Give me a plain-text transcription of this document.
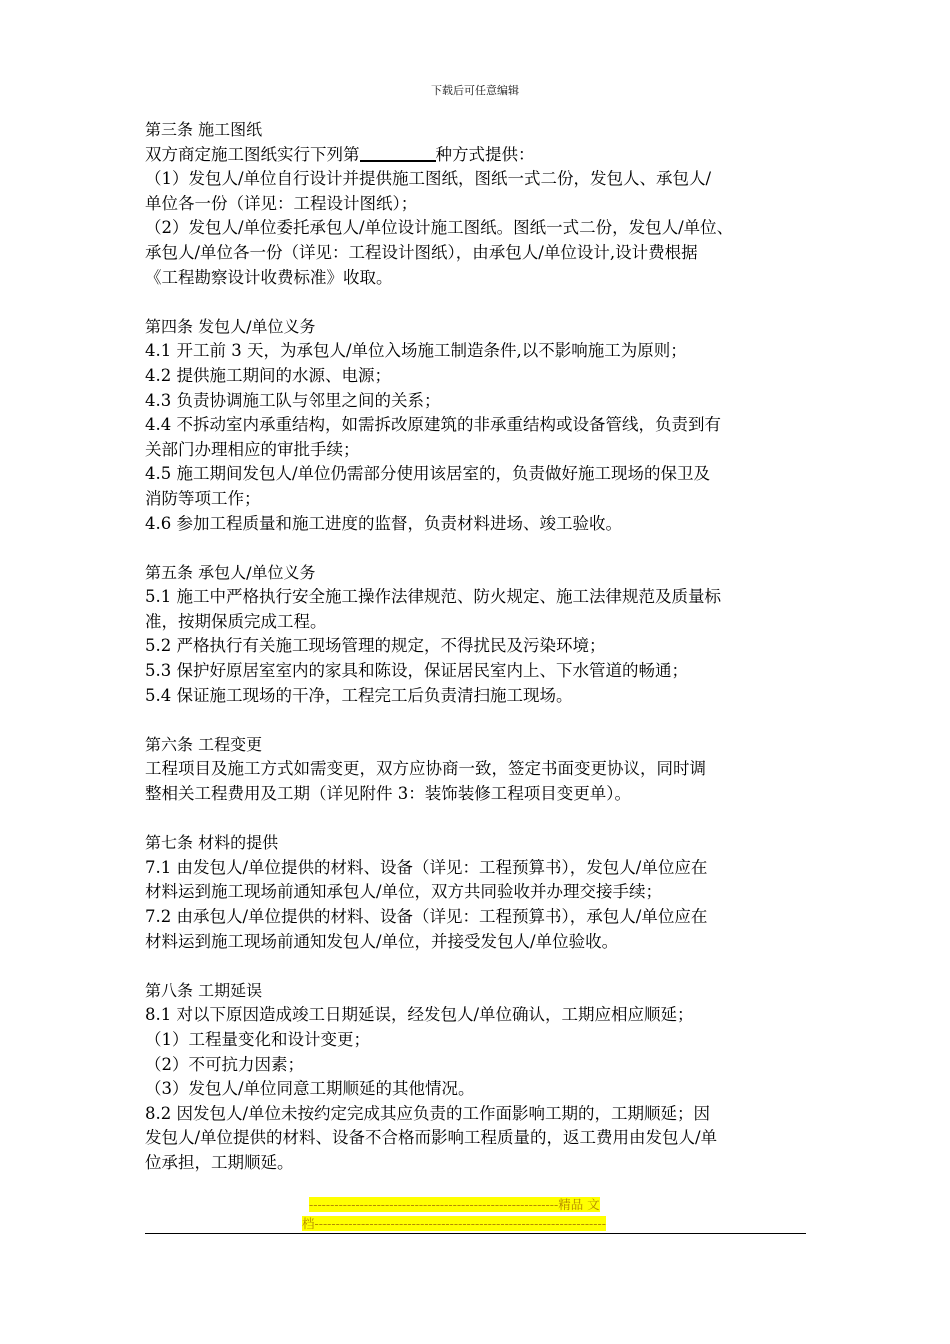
下载后可任意编辑

第三条 施工图纸

双方商定施工图纸实行下列第	种方式提供：

（1）发包人/单位自行设计并提供施工图纸，图纸一式二份，发包人、承包人/

单位各一份（详见：工程设计图纸）；

（2）发包人/单位委托承包人/单位设计施工图纸。图纸一式二份，发包人/单位、

承包人/单位各一份（详见：工程设计图纸），由承包人/单位设计,设计费根据

《工程勘察设计收费标准》收取。

第四条 发包人/单位义务

4.1 开工前 3 天，为承包人/单位入场施工制造条件,以不影响施工为原则；

4.2 提供施工期间的水源、电源；

4.3 负责协调施工队与邻里之间的关系；

4.4 不拆动室内承重结构，如需拆改原建筑的非承重结构或设备管线，负责到有

关部门办理相应的审批手续；

4.5 施工期间发包人/单位仍需部分使用该居室的，负责做好施工现场的保卫及

消防等项工作；

4.6 参加工程质量和施工进度的监督，负责材料进场、竣工验收。

第五条 承包人/单位义务

5.1 施工中严格执行安全施工操作法律规范、防火规定、施工法律规范及质量标

准，按期保质完成工程。

5.2 严格执行有关施工现场管理的规定，不得扰民及污染环境；

5.3 保护好原居室室内的家具和陈设，保证居民室内上、下水管道的畅通；

5.4 保证施工现场的干净，工程完工后负责清扫施工现场。

第六条 工程变更

工程项目及施工方式如需变更，双方应协商一致，签定书面变更协议，同时调

整相关工程费用及工期（详见附件 3：装饰装修工程项目变更单）。

第七条 材料的提供

7.1 由发包人/单位提供的材料、设备（详见：工程预算书），发包人/单位应在

材料运到施工现场前通知承包人/单位，双方共同验收并办理交接手续；

7.2 由承包人/单位提供的材料、设备（详见：工程预算书），承包人/单位应在

材料运到施工现场前通知发包人/单位，并接受发包人/单位验收。

第八条 工期延误

8.1 对以下原因造成竣工日期延误，经发包人/单位确认，工期应相应顺延；

（1）工程量变化和设计变更；

（2）不可抗力因素；

（3）发包人/单位同意工期顺延的其他情况。

8.2 因发包人/单位未按约定完成其应负责的工作面影响工期的，工期顺延；因

发包人/单位提供的材料、设备不合格而影响工程质量的，返工费用由发包人/单

位承担，工期顺延。

-----------------------------------------------------------精品 文
档---------------------------------------------------------------------
